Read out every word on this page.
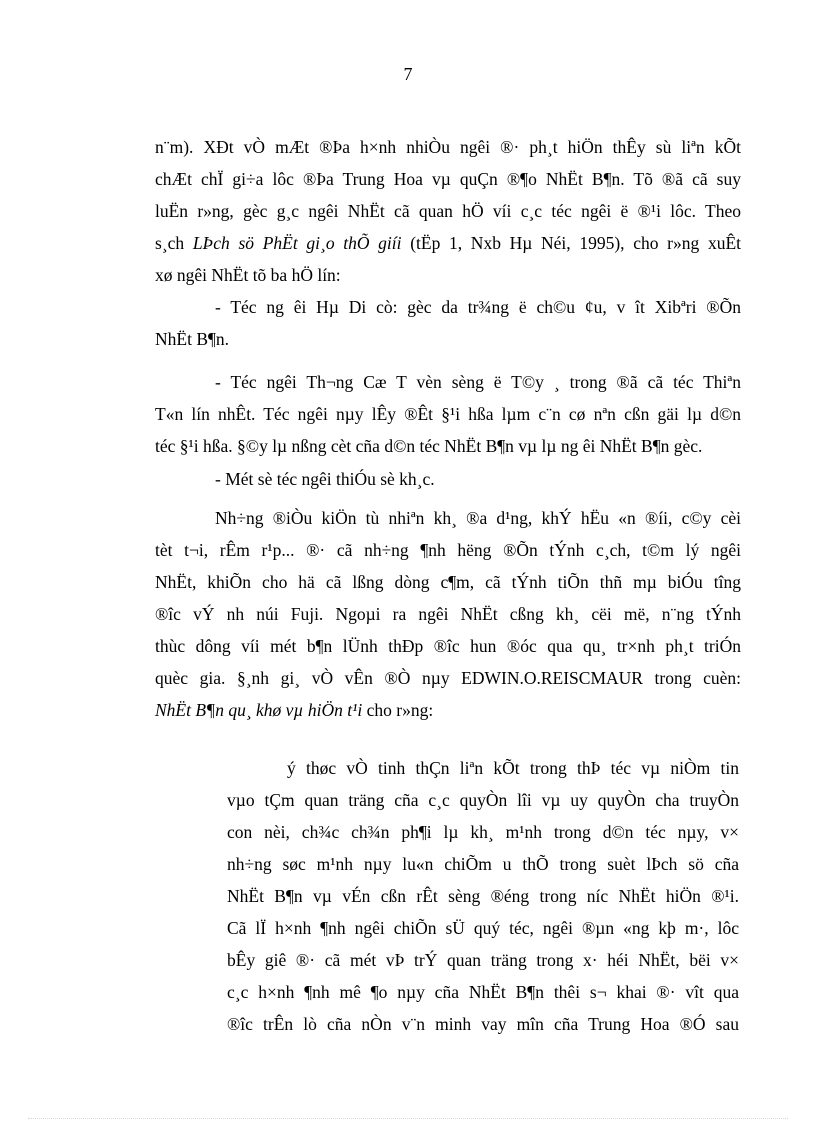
7
n¨m). XÐt vÒ mÆt ®Þa h×nh nhiÒu ngêi ®· ph¸t hiÖn thÊy sù liªn kÕt
chÆt chÏ gi÷a lôc ®Þa Trung Hoa vµ quÇn ®¶o NhËt B¶n. Tõ ®ã cã suy
luËn r»ng, gèc g¸c ngêi NhËt cã quan hÖ víi c¸c téc ngêi ë ®¹i lôc. Theo
s¸ch LÞch sö PhËt gi¸o thÕ giíi (tËp 1, Nxb Hµ Néi, 1995), cho r»ng xuÊt
xø ngêi NhËt tõ ba hÖ lín:
- Téc ng êi Hµ Di cò: gèc da tr¾ng ë ch©u ¢u, v ît Xibªri ®Õn
NhËt B¶n.
- Téc ngêi Th¬ng Cæ T vèn sèng ë T©y ¸ trong ®ã cã téc Thiªn
T«n lín nhÊt. Téc ngêi nµy lÊy ®Êt §¹i hßa lµm c¨n cø nªn cßn gäi lµ d©n
téc §¹i hßa. §©y lµ nßng cèt cña d©n téc NhËt B¶n vµ lµ ng êi NhËt B¶n gèc.
- Mét sè téc ngêi thiÓu sè kh¸c.
Nh÷ng ®iÒu kiÖn tù nhiªn kh¸ ®a d¹ng, khÝ hËu «n ®íi, c©y cèi
tèt t¬i, rÊm r¹p... ®· cã nh÷ng ¶nh hëng ®Õn tÝnh c¸ch, t©m lý ngêi
NhËt, khiÕn cho hä cã lßng dòng c¶m, cã tÝnh tiÕn thñ mµ biÓu tîng
®îc vÝ nh núi Fuji. Ngoµi ra ngêi NhËt cßng kh¸ cëi më, n¨ng tÝnh
thùc dông víi mét b¶n lÜnh thÐp ®îc hun ®óc qua qu¸ tr×nh ph¸t triÓn
quèc gia. §¸nh gi¸ vÒ vÊn ®Ò nµy EDWIN.O.REISCMAUR trong cuèn:
NhËt B¶n qu¸ khø vµ hiÖn t¹i cho r»ng:
ý thøc vÒ tinh thÇn liªn kÕt trong thÞ téc vµ niÒm tin
vµo tÇm quan träng cña c¸c quyÒn lîi vµ uy quyÒn cha truyÒn
con nèi, ch¾c ch¾n ph¶i lµ kh¸ m¹nh trong d©n téc nµy, v×
nh÷ng søc m¹nh nµy lu«n chiÕm u thÕ trong suèt lÞch sö cña
NhËt B¶n vµ vÉn cßn rÊt sèng ®éng trong níc NhËt hiÖn ®¹i.
Cã lÏ h×nh ¶nh ngêi chiÕn sÜ quý téc, ngêi ®µn «ng kþ m·, lôc
bÊy giê ®· cã mét vÞ trÝ quan träng trong x· héi NhËt, bëi v×
c¸c h×nh ¶nh mê ¶o nµy cña NhËt B¶n thêi s¬ khai ®· vît qua
®îc trÊn lò cña nÒn v¨n minh vay mîn cña Trung Hoa ®Ó sau
